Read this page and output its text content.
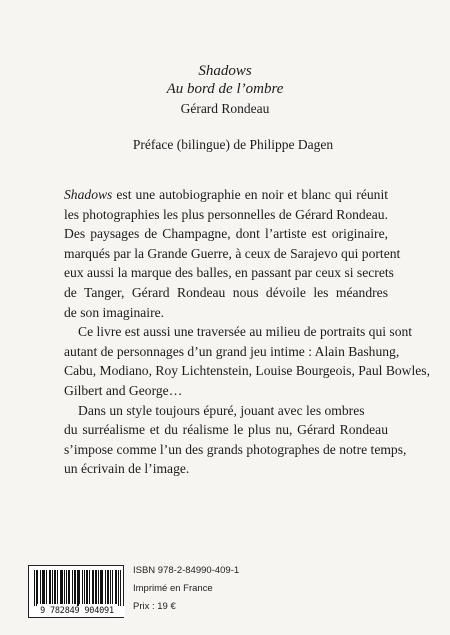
Shadows

Au bord de l’ombre

Gérard Rondeau

Préface (bilingue) de Philippe Dagen
Shadows est une autobiographie en noir et blanc qui réunit
les photographies les plus personnelles de Gérard Rondeau.
Des paysages de Champagne, dont l’artiste est originaire,
marqués par la Grande Guerre, à ceux de Sarajevo qui portent
eux aussi la marque des balles, en passant par ceux si secrets
de Tanger, Gérard Rondeau nous dévoile les méandres
de son imaginaire.
Ce livre est aussi une traversée au milieu de portraits qui sont
autant de personnages d’un grand jeu intime : Alain Bashung,
Cabu, Modiano, Roy Lichtenstein, Louise Bourgeois, Paul Bowles,
Gilbert and George…
Dans un style toujours épuré, jouant avec les ombres
du surréalisme et du réalisme le plus nu, Gérard Rondeau
s’impose comme l’un des grands photographes de notre temps,
un écrivain de l’image.
9 782849 904091
ISBN 978-2-84990-409-1
Imprimé en France
Prix : 19 €
